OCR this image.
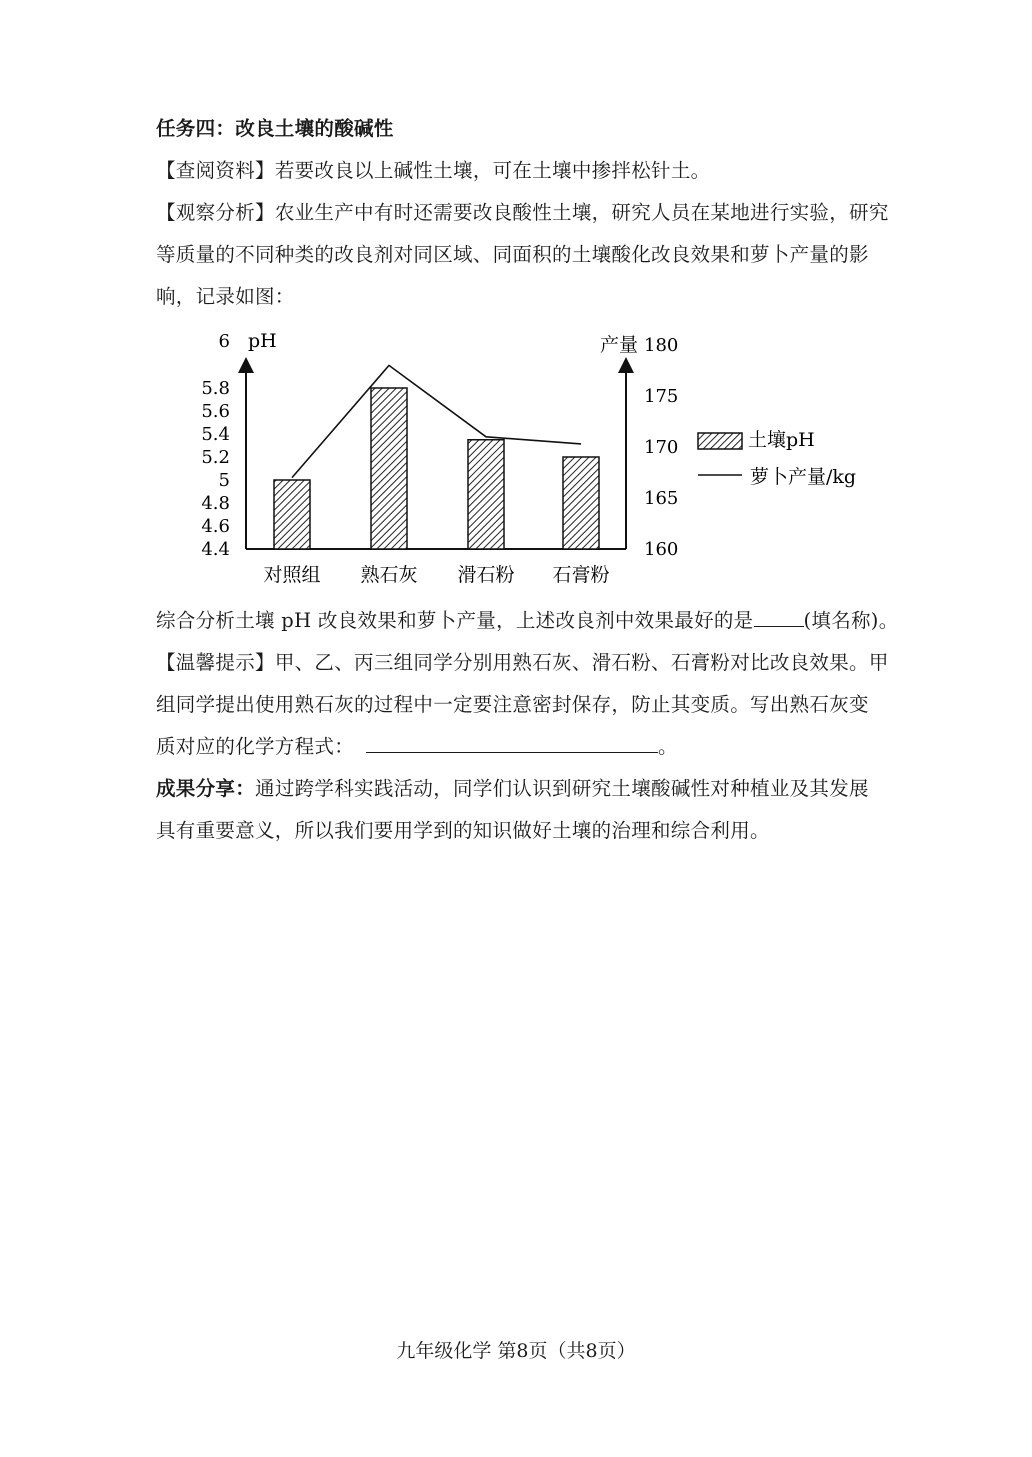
任务四：改良土壤的酸碱性
【查阅资料】若要改良以上碱性土壤，可在土壤中掺拌松针土。
【观察分析】农业生产中有时还需要改良酸性土壤，研究人员在某地进行实验，研究
等质量的不同种类的改良剂对同区域、同面积的土壤酸化改良效果和萝卜产量的影
响，记录如图：
pH	产量
6
5.8
5.6
5.4
5.2
5
4.8
4.6
4.4
180
175
170
165
160
对照组 熟石灰 滑石粉 石膏粉
土壤pH
萝卜产量/kg
综合分析土壤 pH 改良效果和萝卜产量，上述改良剂中效果最好的是	(填名称)。
【温馨提示】甲、乙、丙三组同学分别用熟石灰、滑石粉、石膏粉对比改良效果。甲
组同学提出使用熟石灰的过程中一定要注意密封保存，防止其变质。写出熟石灰变
质对应的化学方程式：	。
成果分享：通过跨学科实践活动，同学们认识到研究土壤酸碱性对种植业及其发展
具有重要意义，所以我们要用学到的知识做好土壤的治理和综合利用。
九年级化学 第8页（共8页）
